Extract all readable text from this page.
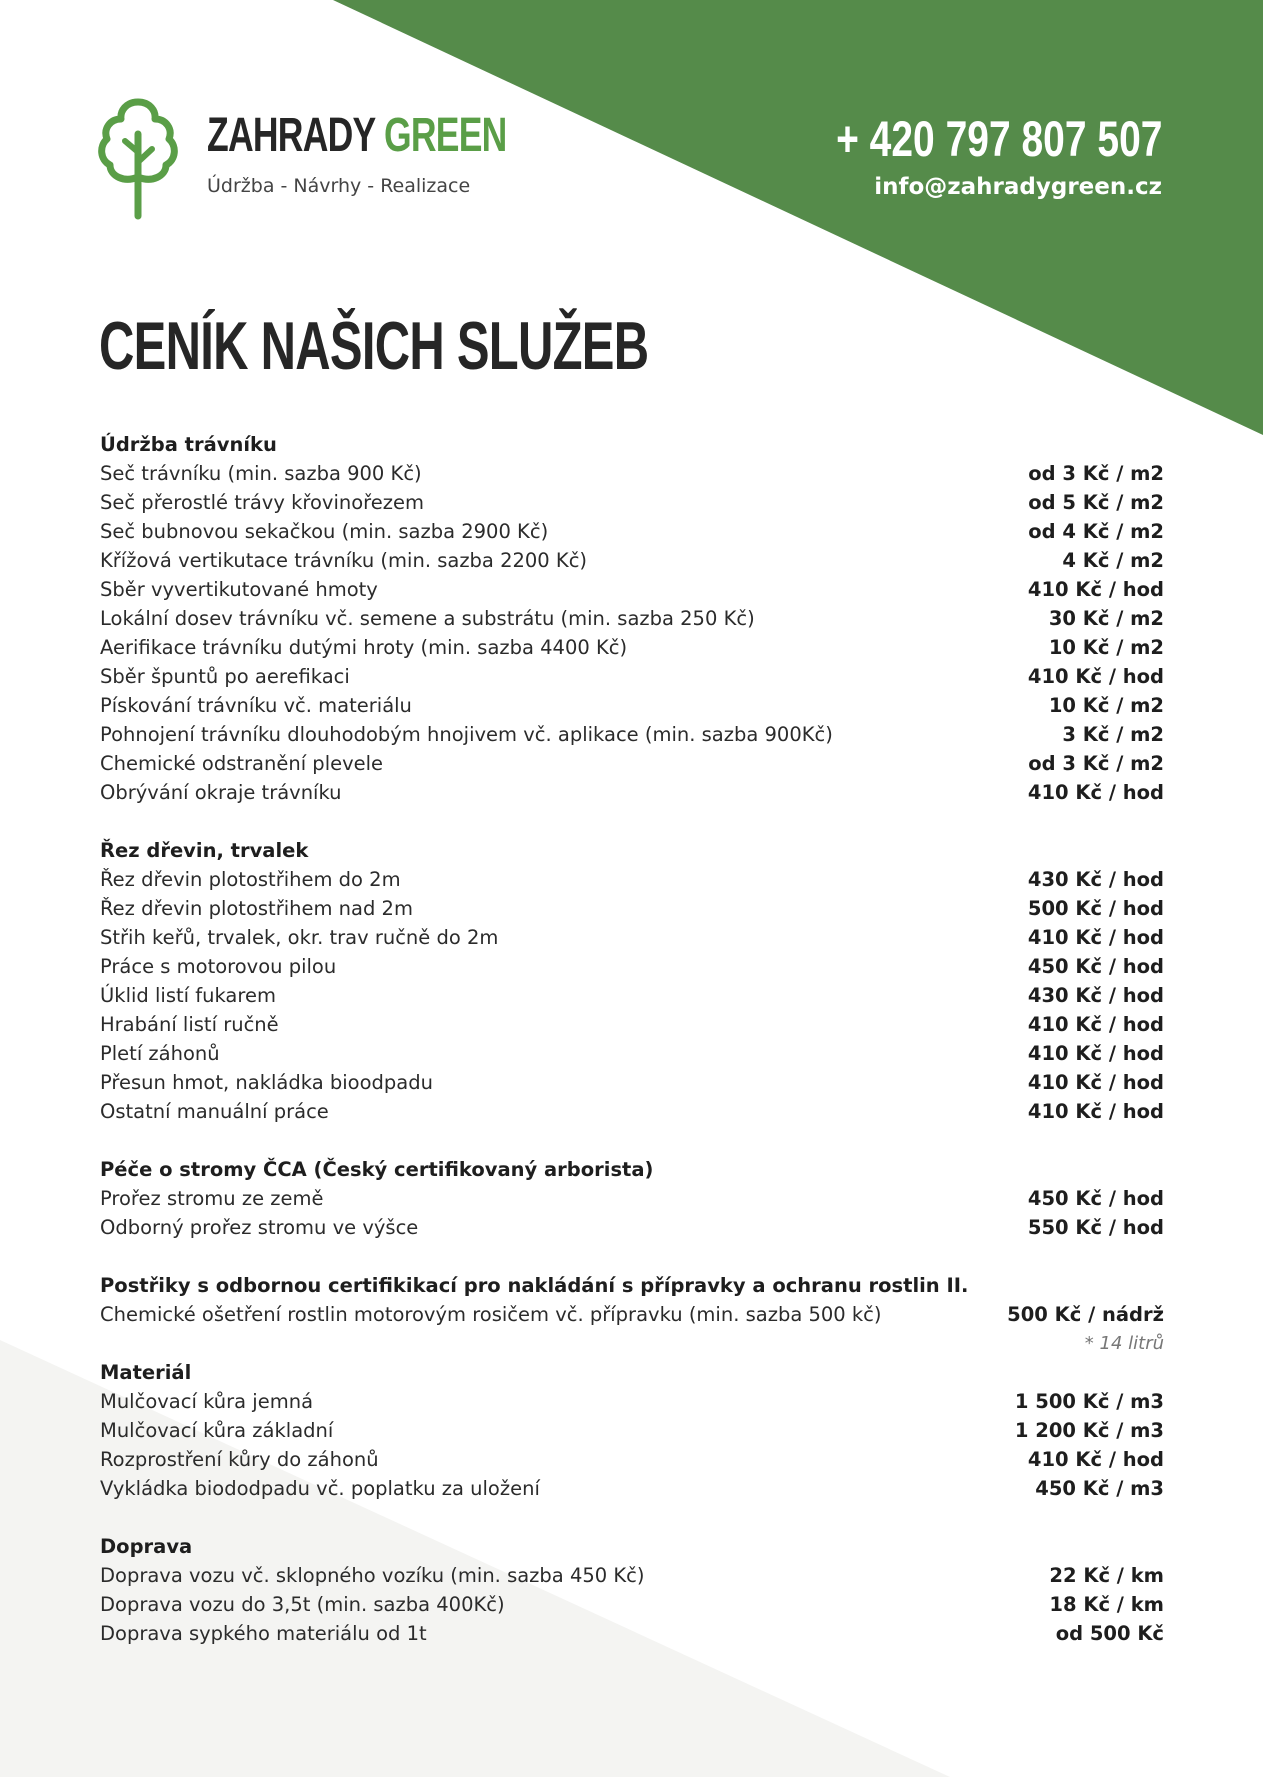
ZAHRADY GREEN
Údržba - Návrhy - Realizace
+ 420 797 807 507
info@zahradygreen.cz
CENÍK NAŠICH SLUŽEB
Údržba trávníku
Seč trávníku (min. sazba 900 Kč)	od 3 Kč / m2
Seč přerostlé trávy křovinořezem	od 5 Kč / m2
Seč bubnovou sekačkou (min. sazba 2900 Kč)	od 4 Kč / m2
Křížová vertikutace trávníku (min. sazba 2200 Kč)	4 Kč / m2
Sběr vyvertikutované hmoty	410 Kč / hod
Lokální dosev trávníku vč. semene a substrátu (min. sazba 250 Kč)	30 Kč / m2
Aerifikace trávníku dutými hroty (min. sazba 4400 Kč)	10 Kč / m2
Sběr špuntů po aerefikaci	410 Kč / hod
Pískování trávníku vč. materiálu	10 Kč / m2
Pohnojení trávníku dlouhodobým hnojivem vč. aplikace (min. sazba 900Kč)	3 Kč / m2
Chemické odstranění plevele	od 3 Kč / m2
Obrývání okraje trávníku	410 Kč / hod
Řez dřevin, trvalek
Řez dřevin plotostřihem do 2m	430 Kč / hod
Řez dřevin plotostřihem nad 2m	500 Kč / hod
Střih keřů, trvalek, okr. trav ručně do 2m	410 Kč / hod
Práce s motorovou pilou	450 Kč / hod
Úklid listí fukarem	430 Kč / hod
Hrabání listí ručně	410 Kč / hod
Pletí záhonů	410 Kč / hod
Přesun hmot, nakládka bioodpadu	410 Kč / hod
Ostatní manuální práce	410 Kč / hod
Péče o stromy ČCA (Český certifikovaný arborista)
Prořez stromu ze země	450 Kč / hod
Odborný prořez stromu ve výšce	550 Kč / hod
Postřiky s odbornou certifikikací pro nakládání s přípravky a ochranu rostlin II.
Chemické ošetření rostlin motorovým rosičem vč. přípravku (min. sazba 500 kč)	500 Kč / nádrž
* 14 litrů
Materiál
Mulčovací kůra jemná	1 500 Kč / m3
Mulčovací kůra základní	1 200 Kč / m3
Rozprostření kůry do záhonů	410 Kč / hod
Vykládka biododpadu vč. poplatku za uložení	450 Kč / m3
Doprava
Doprava vozu vč. sklopného vozíku (min. sazba 450 Kč)	22 Kč / km
Doprava vozu do 3,5t (min. sazba 400Kč)	18 Kč / km
Doprava sypkého materiálu od 1t	od 500 Kč
